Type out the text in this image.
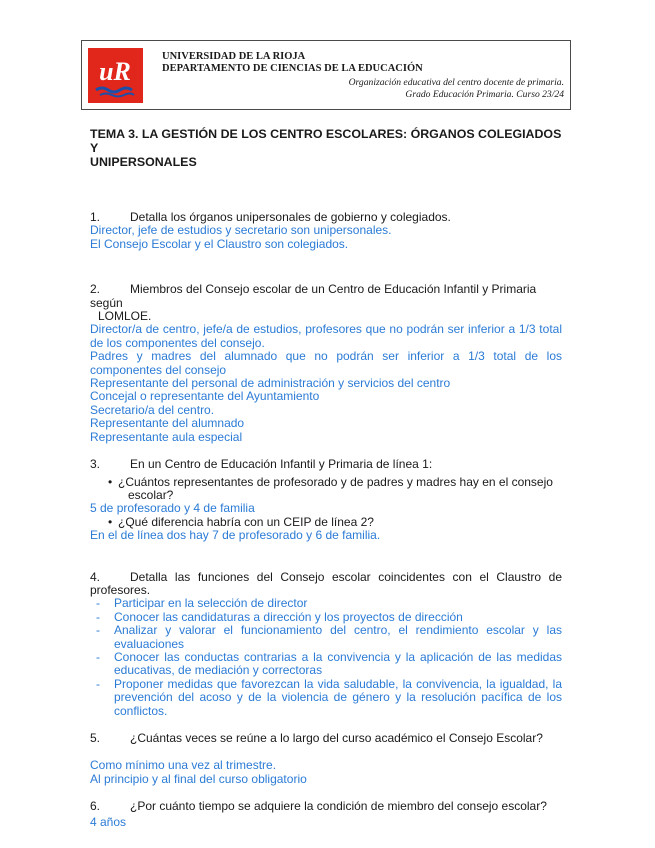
uR
UNIVERSIDAD DE LA RIOJA
DEPARTAMENTO DE CIENCIAS DE LA EDUCACIÓN
Organización educativa del centro docente de primaria.
Grado Educación Primaria. Curso 23/24
TEMA 3. LA GESTIÓN DE LOS CENTRO ESCOLARES: ÓRGANOS COLEGIADOS Y
UNIPERSONALES

1. Detalla los órganos unipersonales de gobierno y colegiados.

Director, jefe de estudios y secretario son unipersonales.

El Consejo Escolar y el Claustro son colegiados.

2. Miembros del Consejo escolar de un Centro de Educación Infantil y Primaria según

LOMLOE.

Director/a de centro, jefe/a de estudios, profesores que no podrán ser inferior a 1/3 total de los componentes del consejo.

Padres y madres del alumnado que no podrán ser inferior a 1/3 total de los componentes del consejo

Representante del personal de administración y servicios del centro

Concejal o representante del Ayuntamiento

Secretario/a del centro.

Representante del alumnado

Representante aula especial

3. En un Centro de Educación Infantil y Primaria de línea 1:

• ¿Cuántos representantes de profesorado y de padres y madres hay en el consejo

escolar?

5 de profesorado y 4 de familia

• ¿Qué diferencia habría con un CEIP de línea 2?

En el de línea dos hay 7 de profesorado y 6 de familia.

4. Detalla las funciones del Consejo escolar coincidentes con el Claustro de profesores.

- Participar en la selección de director

- Conocer las candidaturas a dirección y los proyectos de dirección

- Analizar y valorar el funcionamiento del centro, el rendimiento escolar y las evaluaciones

- Conocer las conductas contrarias a la convivencia y la aplicación de las medidas educativas, de mediación y correctoras

- Proponer medidas que favorezcan la vida saludable, la convivencia, la igualdad, la prevención del acoso y de la violencia de género y la resolución pacífica de los conflictos.

5. ¿Cuántas veces se reúne a lo largo del curso académico el Consejo Escolar?

Como mínimo una vez al trimestre.

Al principio y al final del curso obligatorio

6. ¿Por cuánto tiempo se adquiere la condición de miembro del consejo escolar?

4 años
